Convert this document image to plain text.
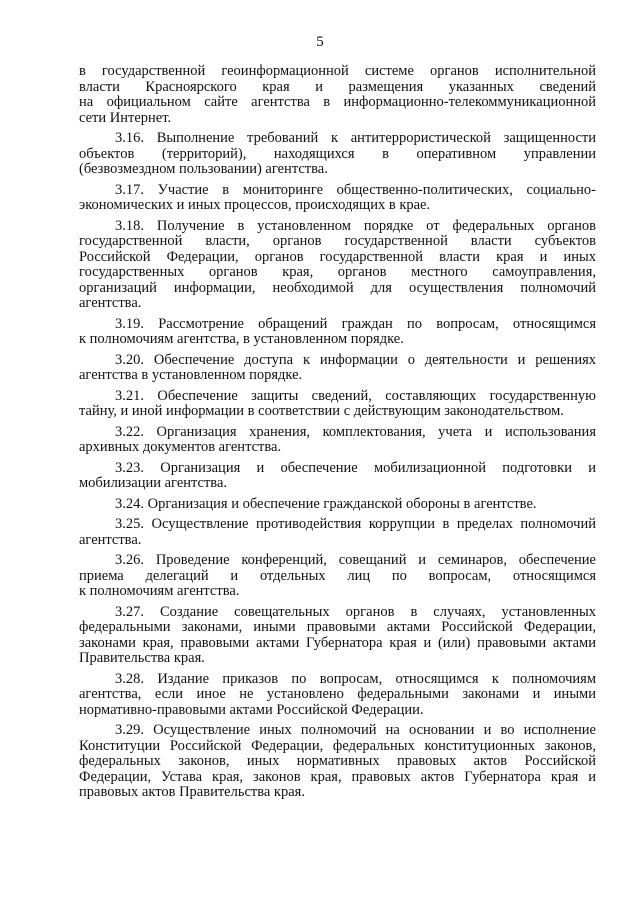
5
в государственной геоинформационной системе органов исполнительной
власти Красноярского края и размещения указанных сведений
на официальном сайте агентства в информационно-телекоммуникационной
сети Интернет.
3.16. Выполнение требований к антитеррористической защищенности
объектов (территорий), находящихся в оперативном управлении
(безвозмездном пользовании) агентства.
3.17. Участие в мониторинге общественно-политических, социально-
экономических и иных процессов, происходящих в крае.
3.18. Получение в установленном порядке от федеральных органов
государственной власти, органов государственной власти субъектов
Российской Федерации, органов государственной власти края и иных
государственных органов края, органов местного самоуправления,
организаций информации, необходимой для осуществления полномочий
агентства.
3.19. Рассмотрение обращений граждан по вопросам, относящимся
к полномочиям агентства, в установленном порядке.
3.20. Обеспечение доступа к информации о деятельности и решениях
агентства в установленном порядке.
3.21. Обеспечение защиты сведений, составляющих государственную
тайну, и иной информации в соответствии с действующим законодательством.
3.22. Организация хранения, комплектования, учета и использования
архивных документов агентства.
3.23. Организация и обеспечение мобилизационной подготовки и
мобилизации агентства.
3.24. Организация и обеспечение гражданской обороны в агентстве.
3.25. Осуществление противодействия коррупции в пределах полномочий
агентства.
3.26. Проведение конференций, совещаний и семинаров, обеспечение
приема делегаций и отдельных лиц по вопросам, относящимся
к полномочиям агентства.
3.27. Создание совещательных органов в случаях, установленных
федеральными законами, иными правовыми актами Российской Федерации,
законами края, правовыми актами Губернатора края и (или) правовыми актами
Правительства края.
3.28. Издание приказов по вопросам, относящимся к полномочиям
агентства, если иное не установлено федеральными законами и иными
нормативно-правовыми актами Российской Федерации.
3.29. Осуществление иных полномочий на основании и во исполнение
Конституции Российской Федерации, федеральных конституционных законов,
федеральных законов, иных нормативных правовых актов Российской
Федерации, Устава края, законов края, правовых актов Губернатора края и
правовых актов Правительства края.
